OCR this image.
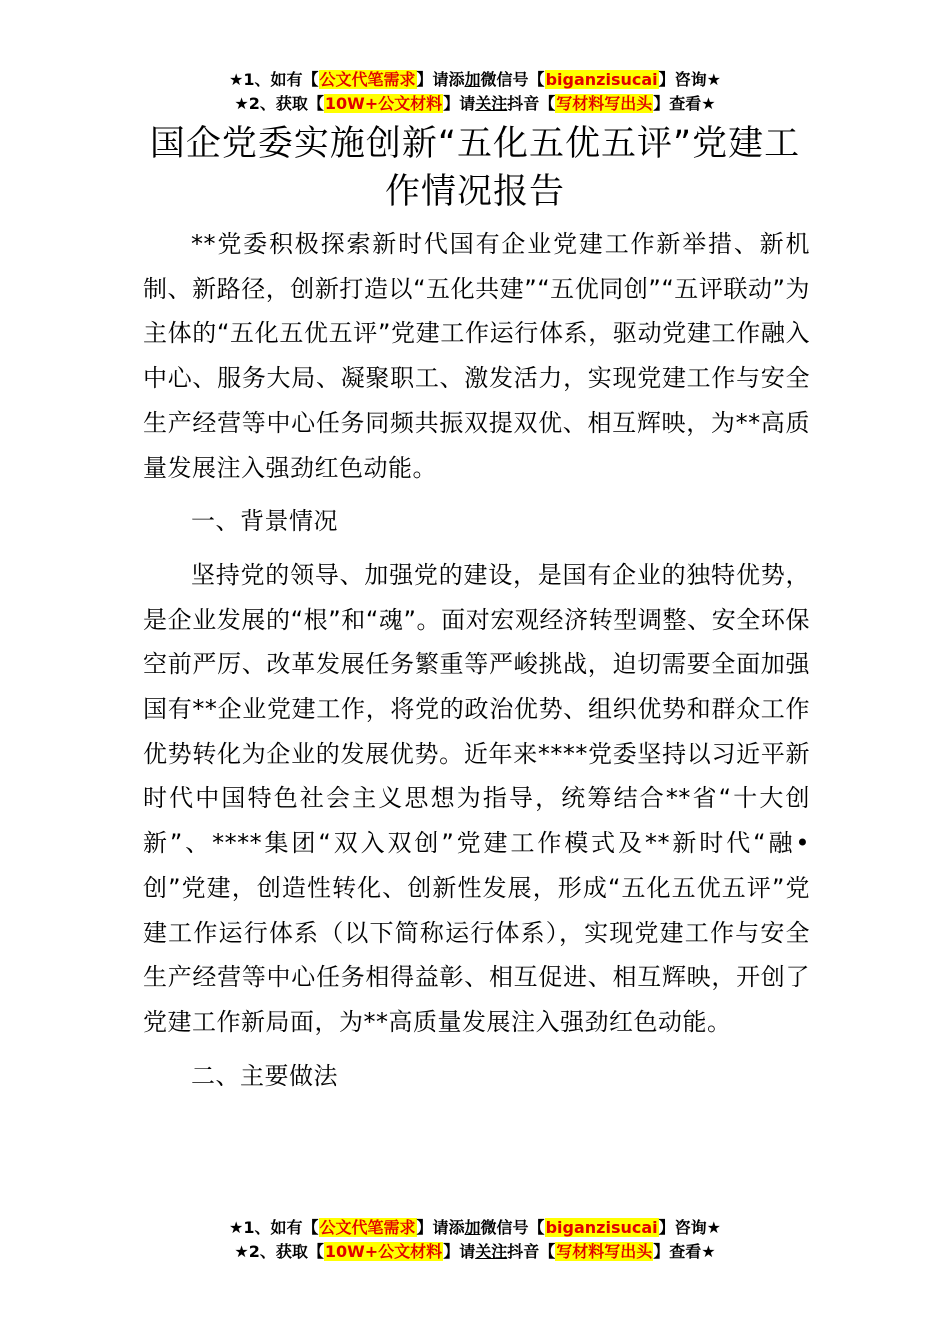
★1、如有【公文代笔需求】请添加微信号【biganzisucai】咨询★
★2、获取【10W+公文材料】请关注抖音【写材料写出头】查看★
国企党委实施创新“五化五优五评”党建工作情况报告

**党委积极探索新时代国有企业党建工作新举措、新机制、新路径，创新打造以“五化共建”“五优同创”“五评联动”为主体的“五化五优五评”党建工作运行体系，驱动党建工作融入中心、服务大局、凝聚职工、激发活力，实现党建工作与安全生产经营等中心任务同频共振双提双优、相互辉映，为**高质量发展注入强劲红色动能。

一、背景情况

坚持党的领导、加强党的建设，是国有企业的独特优势，是企业发展的“根”和“魂”。面对宏观经济转型调整、安全环保空前严厉、改革发展任务繁重等严峻挑战，迫切需要全面加强国有**企业党建工作，将党的政治优势、组织优势和群众工作优势转化为企业的发展优势。近年来****党委坚持以习近平新时代中国特色社会主义思想为指导，统筹结合**省“十大创新”、****集团“双入双创”党建工作模式及**新时代“融•创”党建，创造性转化、创新性发展，形成“五化五优五评”党建工作运行体系（以下简称运行体系），实现党建工作与安全生产经营等中心任务相得益彰、相互促进、相互辉映，开创了党建工作新局面，为**高质量发展注入强劲红色动能。

二、主要做法

★1、如有【公文代笔需求】请添加微信号【biganzisucai】咨询★
★2、获取【10W+公文材料】请关注抖音【写材料写出头】查看★
